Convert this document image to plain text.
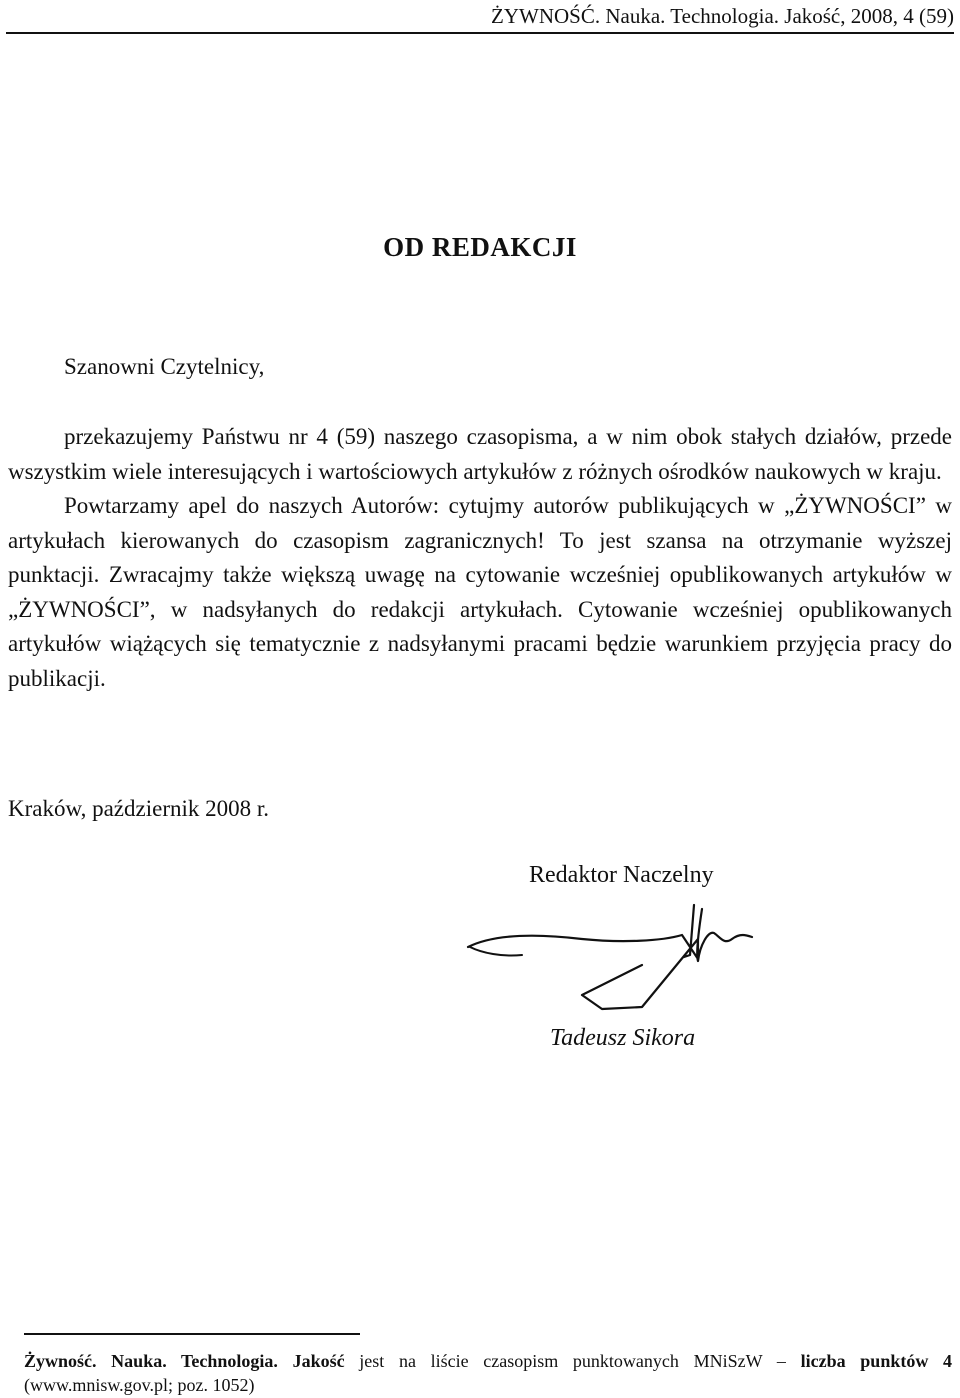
ŻYWNOŚĆ. Nauka. Technologia. Jakość, 2008, 4 (59)
OD REDAKCJI
Szanowni Czytelnicy,

przekazujemy Państwu nr 4 (59) naszego czasopisma, a w nim obok stałych działów, przede wszystkim wiele interesujących i wartościowych artykułów z różnych ośrodków naukowych w kraju.

Powtarzamy apel do naszych Autorów: cytujmy autorów publikujących w „ŻYWNOŚCI” w artykułach kierowanych do czasopism zagranicznych! To jest szansa na otrzymanie wyższej punktacji. Zwracajmy także większą uwagę na cytowanie wcześniej opublikowanych artykułów w „ŻYWNOŚCI”, w nadsyłanych do redakcji artykułach. Cytowanie wcześniej opublikowanych artykułów wiążących się tematycznie z nadsyłanymi pracami będzie warunkiem przyjęcia pracy do publikacji.

Kraków, październik 2008 r.
Redaktor Naczelny
Tadeusz Sikora
Żywność. Nauka. Technologia. Jakość jest na liście czasopism punktowanych MNiSzW – liczba punktów 4 (www.mnisw.gov.pl; poz. 1052)
